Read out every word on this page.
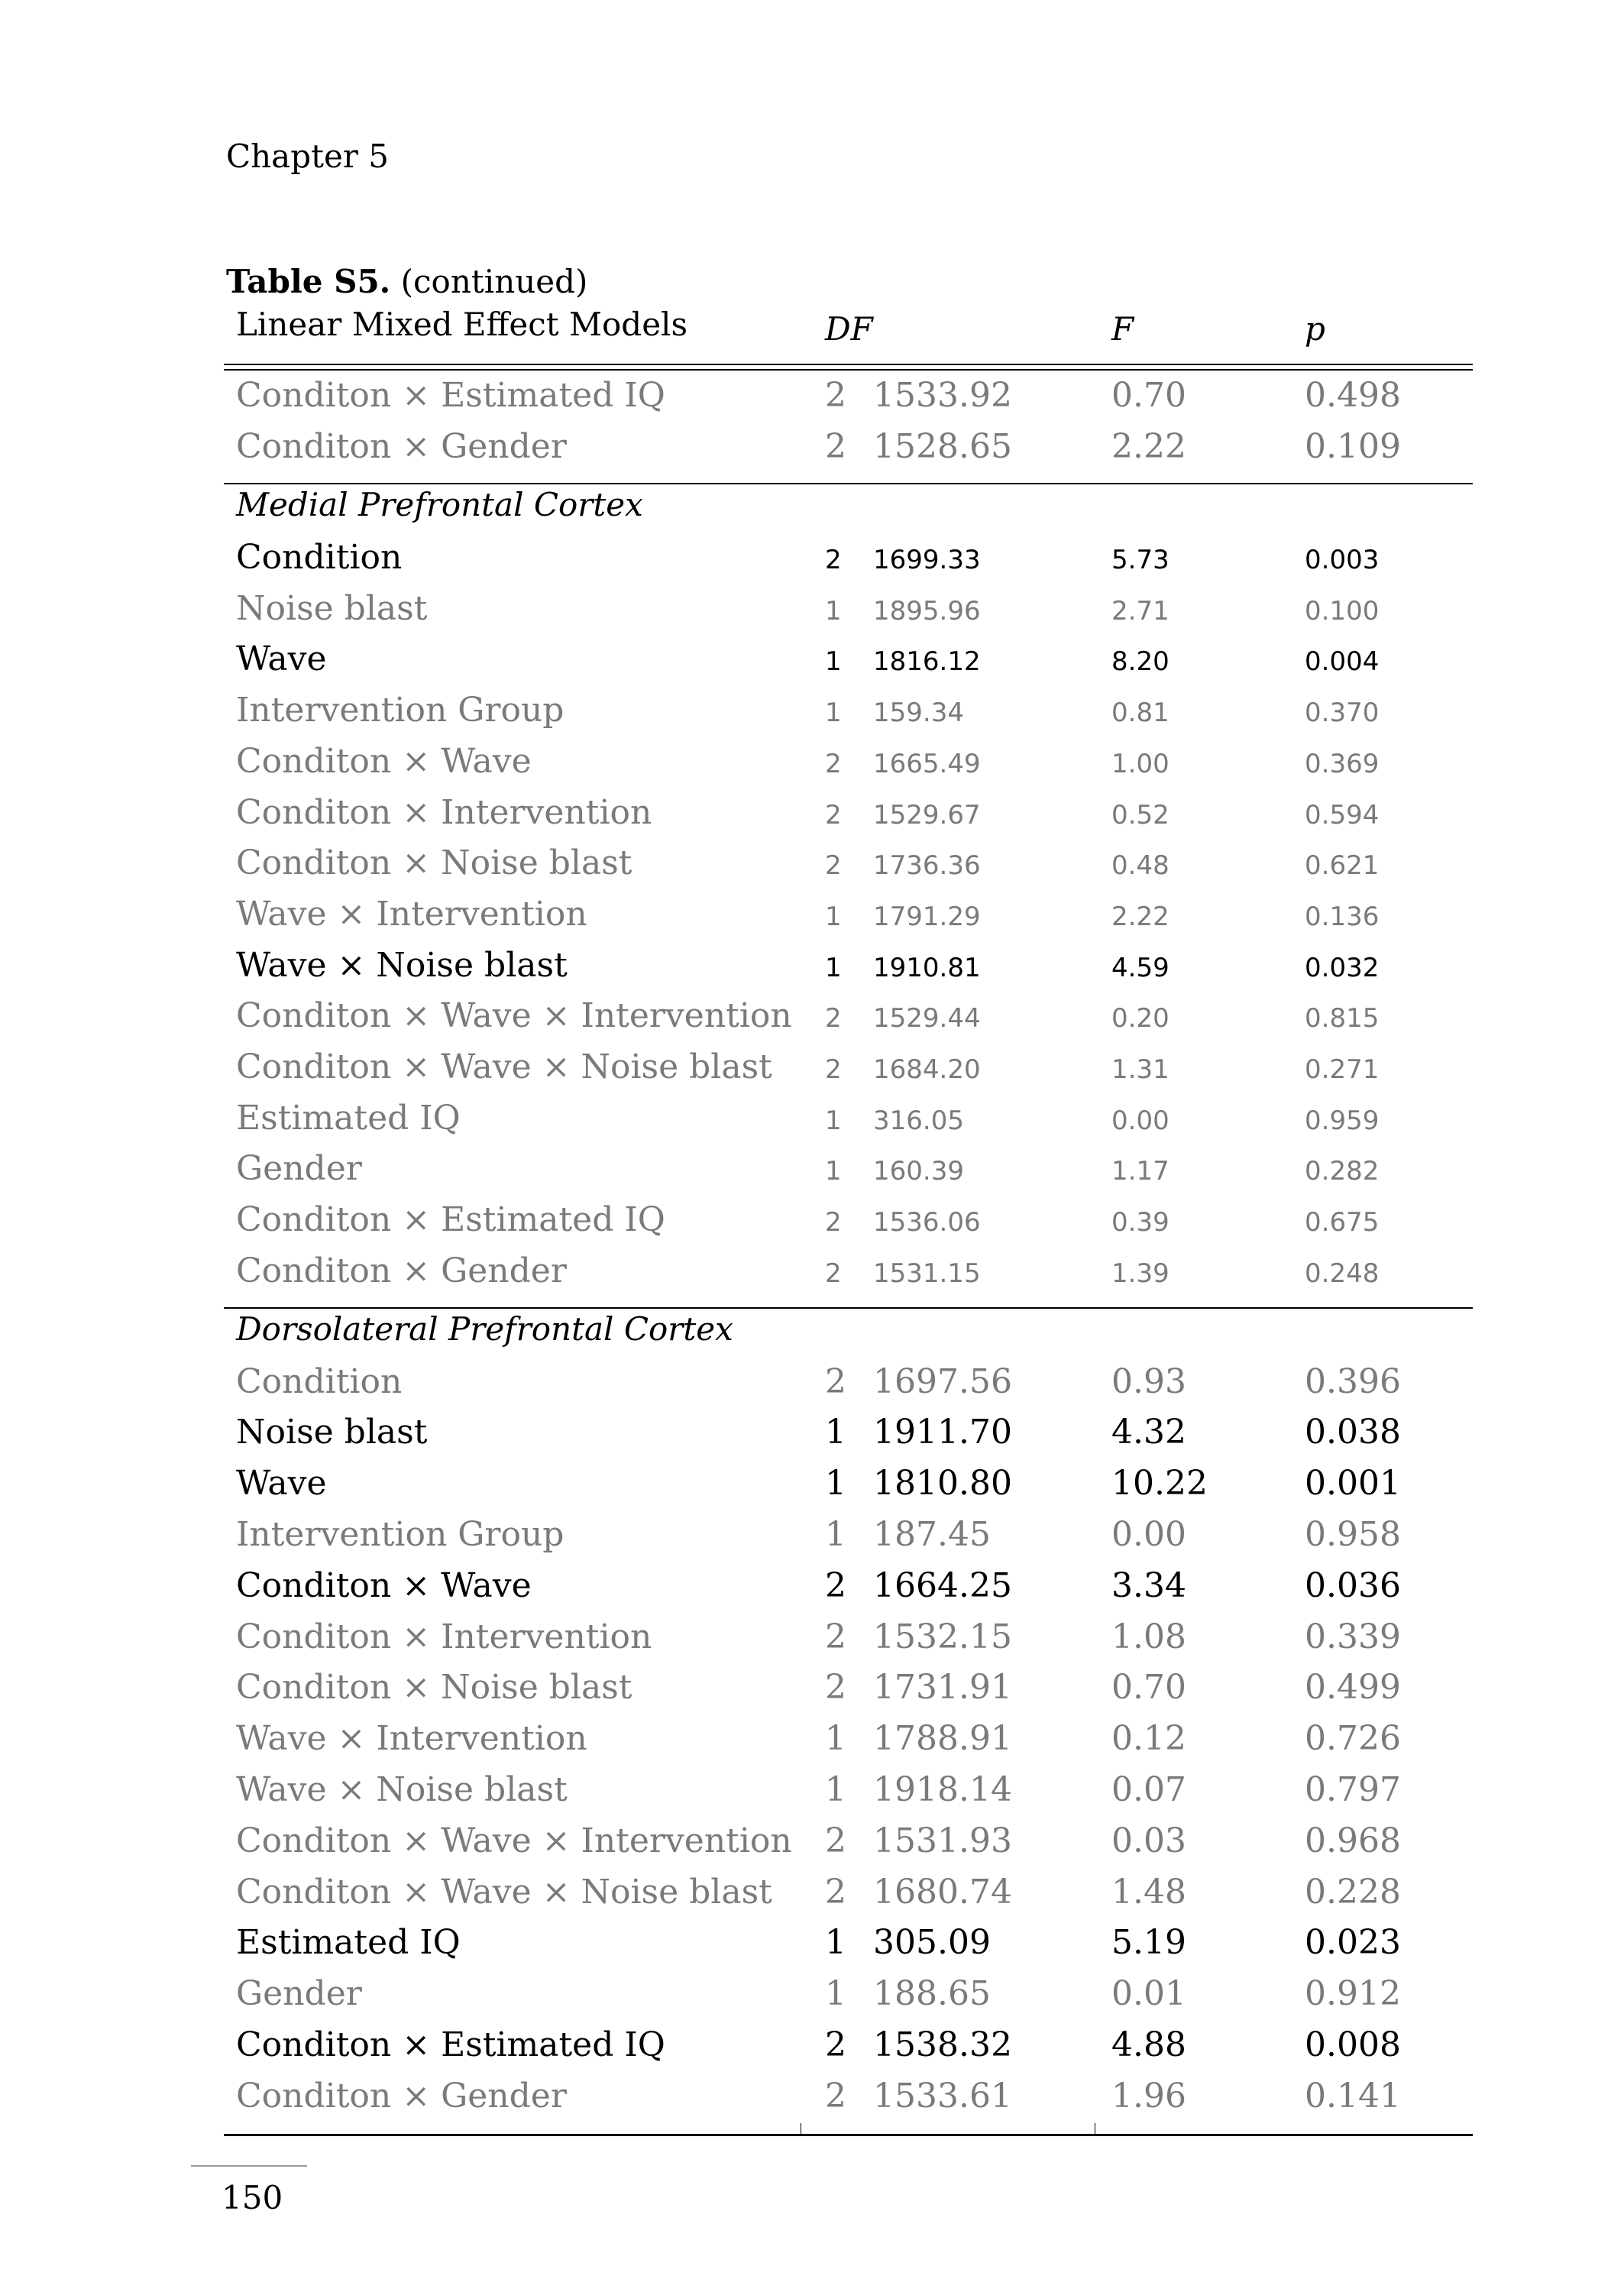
Chapter 5
Table S5. (continued)
Linear Mixed Effect Models	DF	F	p
Conditon × Estimated IQ	2 1533.92	0.70	0.498
Conditon × Gender	2 1528.65	2.22	0.109
Medial Prefrontal Cortex
Condition	2 1699.33	5.73	0.003
Noise blast	1 1895.96	2.71	0.100
Wave	1 1816.12	8.20	0.004
Intervention Group	1 159.34	0.81	0.370
Conditon × Wave	2 1665.49	1.00	0.369
Conditon × Intervention	2 1529.67	0.52	0.594
Conditon × Noise blast	2 1736.36	0.48	0.621
Wave × Intervention	1 1791.29	2.22	0.136
Wave × Noise blast	1 1910.81	4.59	0.032
Conditon × Wave × Intervention 2 1529.44	0.20	0.815
Conditon × Wave × Noise blast 2 1684.20	1.31	0.271
Estimated IQ	1 316.05	0.00	0.959
Gender	1 160.39	1.17	0.282
Conditon × Estimated IQ	2 1536.06	0.39	0.675
Conditon × Gender	2 1531.15	1.39	0.248
Dorsolateral Prefrontal Cortex
Condition	2 1697.56	0.93	0.396
Noise blast	1 1911.70	4.32	0.038
Wave	1 1810.80	10.22	0.001
Intervention Group	1 187.45	0.00	0.958
Conditon × Wave	2 1664.25	3.34	0.036
Conditon × Intervention	2 1532.15	1.08	0.339
Conditon × Noise blast	2 1731.91	0.70	0.499
Wave × Intervention	1 1788.91	0.12	0.726
Wave × Noise blast	1 1918.14	0.07	0.797
Conditon × Wave × Intervention 2 1531.93	0.03	0.968
Conditon × Wave × Noise blast 2 1680.74	1.48	0.228
Estimated IQ	1 305.09	5.19	0.023
Gender	1 188.65	0.01	0.912
Conditon × Estimated IQ	2 1538.32	4.88	0.008
Conditon × Gender	2 1533.61	1.96	0.141
150
